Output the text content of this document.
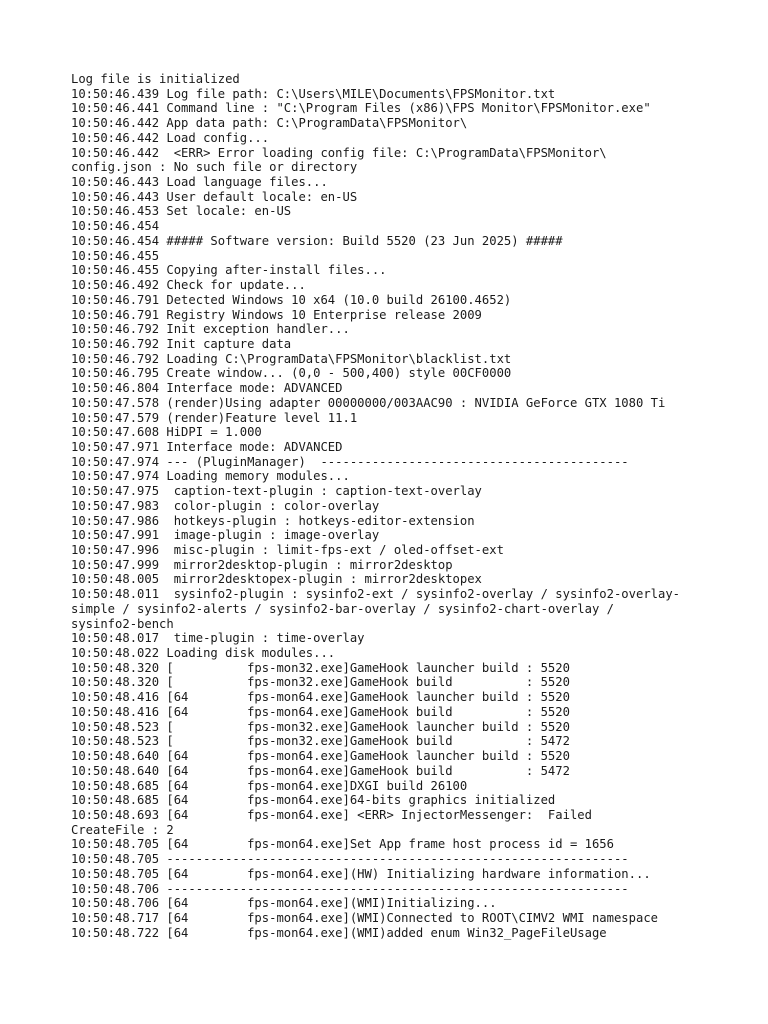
Log file is initialized
10:50:46.439 Log file path: C:\Users\MILE\Documents\FPSMonitor.txt
10:50:46.441 Command line : "C:\Program Files (x86)\FPS Monitor\FPSMonitor.exe"
10:50:46.442 App data path: C:\ProgramData\FPSMonitor\
10:50:46.442 Load config...
10:50:46.442  <ERR> Error loading config file: C:\ProgramData\FPSMonitor\
config.json : No such file or directory
10:50:46.443 Load language files...
10:50:46.443 User default locale: en-US
10:50:46.453 Set locale: en-US
10:50:46.454
10:50:46.454 ##### Software version: Build 5520 (23 Jun 2025) #####
10:50:46.455
10:50:46.455 Copying after-install files...
10:50:46.492 Check for update...
10:50:46.791 Detected Windows 10 x64 (10.0 build 26100.4652)
10:50:46.791 Registry Windows 10 Enterprise release 2009
10:50:46.792 Init exception handler...
10:50:46.792 Init capture data
10:50:46.792 Loading C:\ProgramData\FPSMonitor\blacklist.txt
10:50:46.795 Create window... (0,0 - 500,400) style 00CF0000
10:50:46.804 Interface mode: ADVANCED
10:50:47.578 (render)Using adapter 00000000/003AAC90 : NVIDIA GeForce GTX 1080 Ti
10:50:47.579 (render)Feature level 11.1
10:50:47.608 HiDPI = 1.000
10:50:47.971 Interface mode: ADVANCED
10:50:47.974 --- (PluginManager)  ------------------------------------------
10:50:47.974 Loading memory modules...
10:50:47.975  caption-text-plugin : caption-text-overlay
10:50:47.983  color-plugin : color-overlay
10:50:47.986  hotkeys-plugin : hotkeys-editor-extension
10:50:47.991  image-plugin : image-overlay
10:50:47.996  misc-plugin : limit-fps-ext / oled-offset-ext
10:50:47.999  mirror2desktop-plugin : mirror2desktop
10:50:48.005  mirror2desktopex-plugin : mirror2desktopex
10:50:48.011  sysinfo2-plugin : sysinfo2-ext / sysinfo2-overlay / sysinfo2-overlay-
simple / sysinfo2-alerts / sysinfo2-bar-overlay / sysinfo2-chart-overlay /
sysinfo2-bench
10:50:48.017  time-plugin : time-overlay
10:50:48.022 Loading disk modules...
10:50:48.320 [          fps-mon32.exe]GameHook launcher build : 5520
10:50:48.320 [          fps-mon32.exe]GameHook build          : 5520
10:50:48.416 [64        fps-mon64.exe]GameHook launcher build : 5520
10:50:48.416 [64        fps-mon64.exe]GameHook build          : 5520
10:50:48.523 [          fps-mon32.exe]GameHook launcher build : 5520
10:50:48.523 [          fps-mon32.exe]GameHook build          : 5472
10:50:48.640 [64        fps-mon64.exe]GameHook launcher build : 5520
10:50:48.640 [64        fps-mon64.exe]GameHook build          : 5472
10:50:48.685 [64        fps-mon64.exe]DXGI build 26100
10:50:48.685 [64        fps-mon64.exe]64-bits graphics initialized
10:50:48.693 [64        fps-mon64.exe] <ERR> InjectorMessenger:  Failed
CreateFile : 2
10:50:48.705 [64        fps-mon64.exe]Set App frame host process id = 1656
10:50:48.705 ---------------------------------------------------------------
10:50:48.705 [64        fps-mon64.exe](HW) Initializing hardware information...
10:50:48.706 ---------------------------------------------------------------
10:50:48.706 [64        fps-mon64.exe](WMI)Initializing...
10:50:48.717 [64        fps-mon64.exe](WMI)Connected to ROOT\CIMV2 WMI namespace
10:50:48.722 [64        fps-mon64.exe](WMI)added enum Win32_PageFileUsage
